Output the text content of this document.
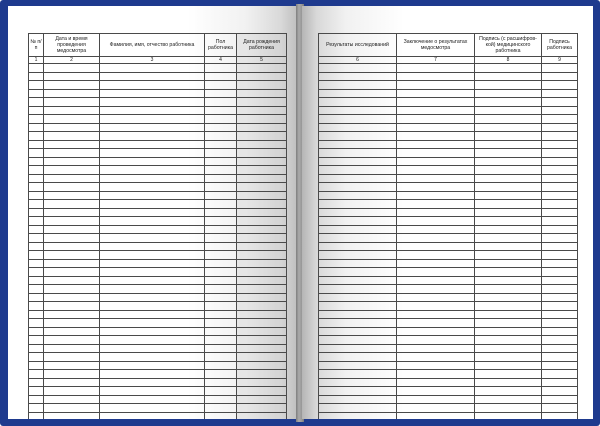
№ п/п	Дата и время проведения медосмотра	Фамилия, имя, отчество работника	Пол работника	Дата рождения работника
1	2	3	4	5

Результаты исследований	Заключение о результатах медосмотра	Подпись (с расшифров-кой) медицинского работника	Подпись работника
6	7	8	9
